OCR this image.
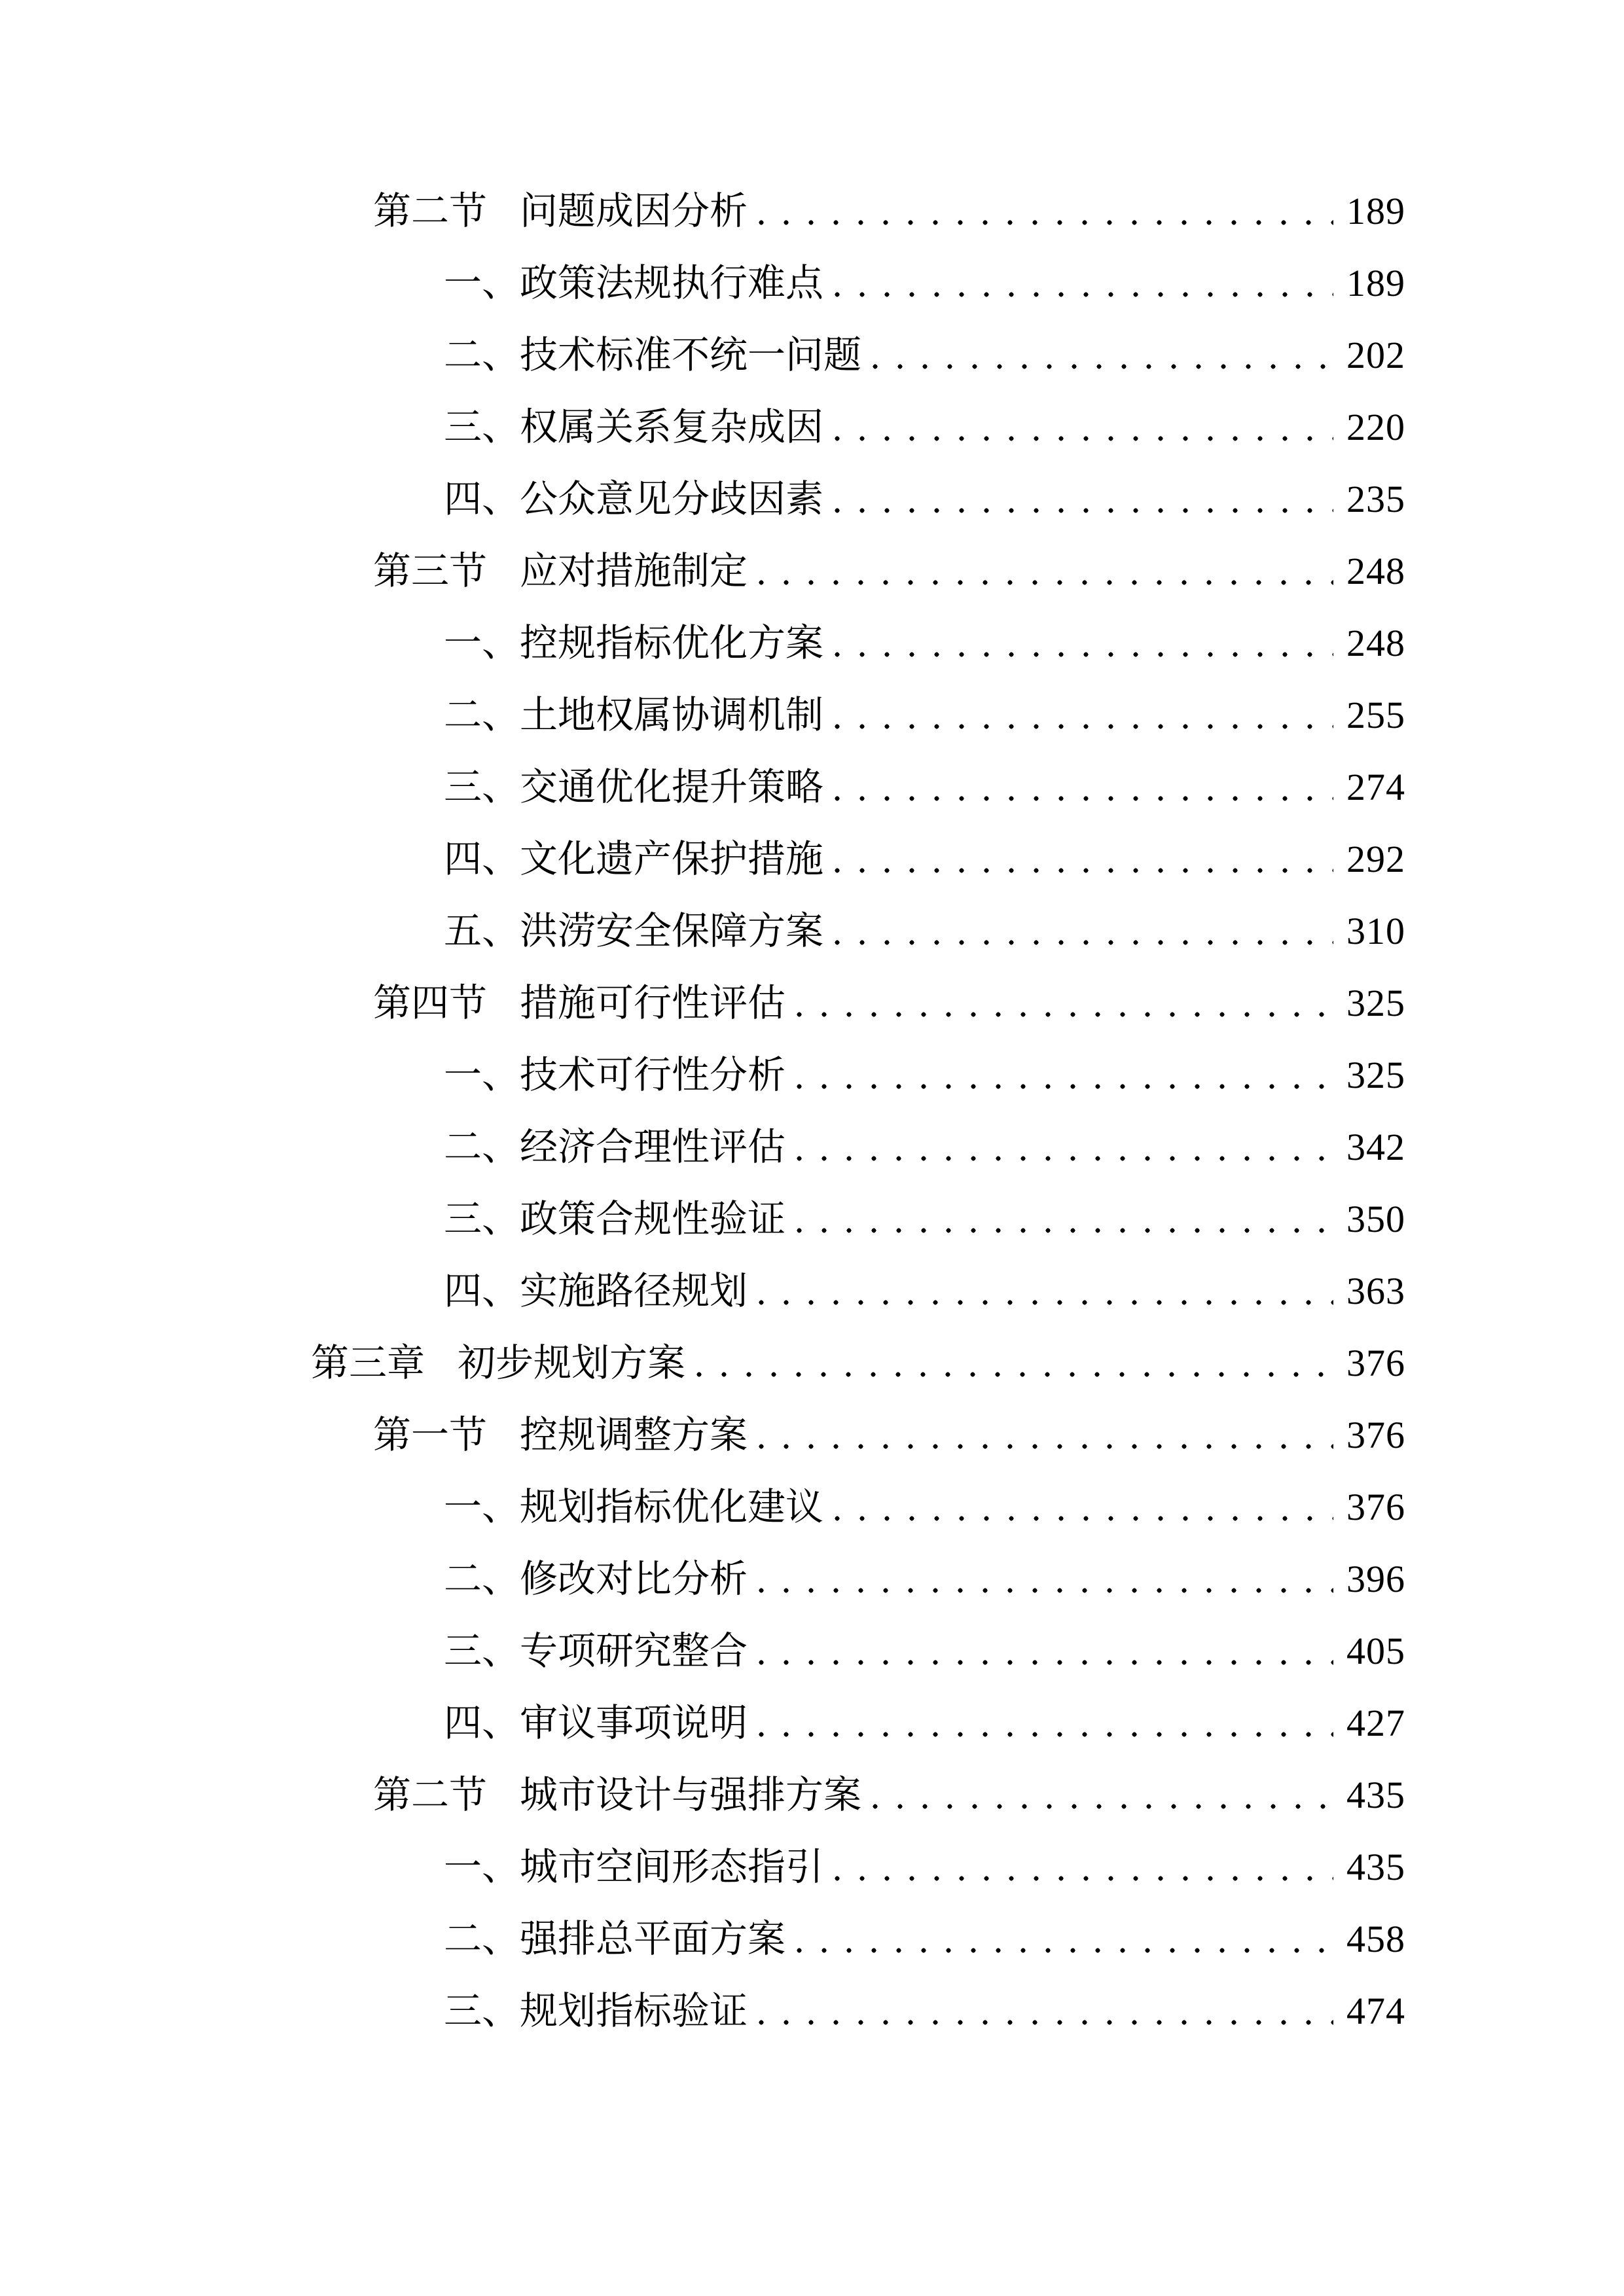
第二节 问题成因分析	189
一、 政策法规执行难点	189
二、 技术标准不统一问题	202
三、 权属关系复杂成因	220
四、 公众意见分歧因素	235
第三节 应对措施制定	248
一、 控规指标优化方案	248
二、 土地权属协调机制	255
三、 交通优化提升策略	274
四、 文化遗产保护措施	292
五、 洪涝安全保障方案	310
第四节 措施可行性评估	325
一、 技术可行性分析	325
二、 经济合理性评估	342
三、 政策合规性验证	350
四、 实施路径规划	363
第三章 初步规划方案	376
第一节 控规调整方案	376
一、 规划指标优化建议	376
二、 修改对比分析	396
三、 专项研究整合	405
四、 审议事项说明	427
第二节 城市设计与强排方案	435
一、 城市空间形态指引	435
二、 强排总平面方案	458
三、 规划指标验证	474
